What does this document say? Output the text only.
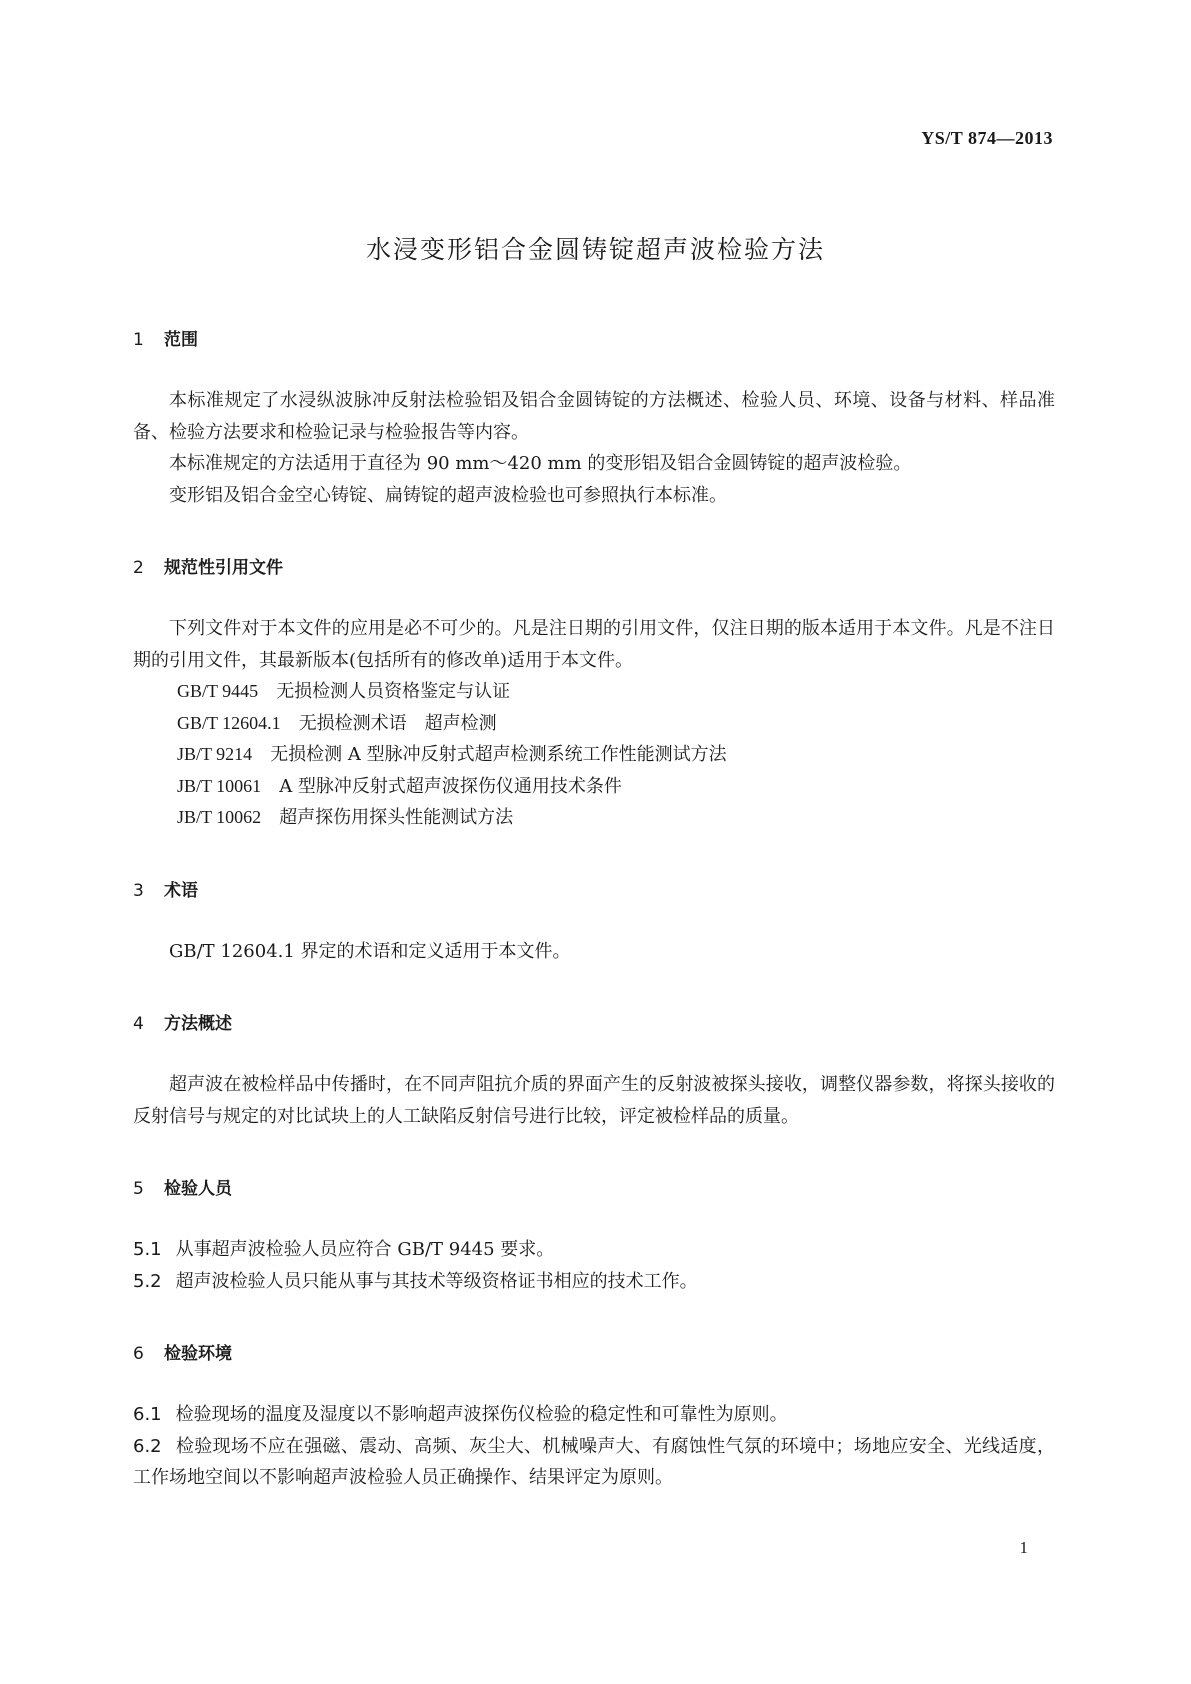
YS/T 874—2013

水浸变形铝合金圆铸锭超声波检验方法
1 范围

本标准规定了水浸纵波脉冲反射法检验铝及铝合金圆铸锭的方法概述、检验人员、环境、设备与材料、样品准备、检验方法要求和检验记录与检验报告等内容。

本标准规定的方法适用于直径为 90 mm～420 mm 的变形铝及铝合金圆铸锭的超声波检验。

变形铝及铝合金空心铸锭、扁铸锭的超声波检验也可参照执行本标准。

2 规范性引用文件

下列文件对于本文件的应用是必不可少的。凡是注日期的引用文件，仅注日期的版本适用于本文件。凡是不注日期的引用文件，其最新版本(包括所有的修改单)适用于本文件。

GB/T 9445 无损检测人员资格鉴定与认证

GB/T 12604.1 无损检测术语　超声检测

JB/T 9214 无损检测 A 型脉冲反射式超声检测系统工作性能测试方法

JB/T 10061 A 型脉冲反射式超声波探伤仪通用技术条件

JB/T 10062 超声探伤用探头性能测试方法

3 术语

GB/T 12604.1 界定的术语和定义适用于本文件。

4 方法概述

超声波在被检样品中传播时，在不同声阻抗介质的界面产生的反射波被探头接收，调整仪器参数，将探头接收的反射信号与规定的对比试块上的人工缺陷反射信号进行比较，评定被检样品的质量。

5 检验人员

5.1 从事超声波检验人员应符合 GB/T 9445 要求。

5.2 超声波检验人员只能从事与其技术等级资格证书相应的技术工作。

6 检验环境

6.1 检验现场的温度及湿度以不影响超声波探伤仪检验的稳定性和可靠性为原则。

6.2 检验现场不应在强磁、震动、高频、灰尘大、机械噪声大、有腐蚀性气氛的环境中；场地应安全、光线适度，工作场地空间以不影响超声波检验人员正确操作、结果评定为原则。

1
